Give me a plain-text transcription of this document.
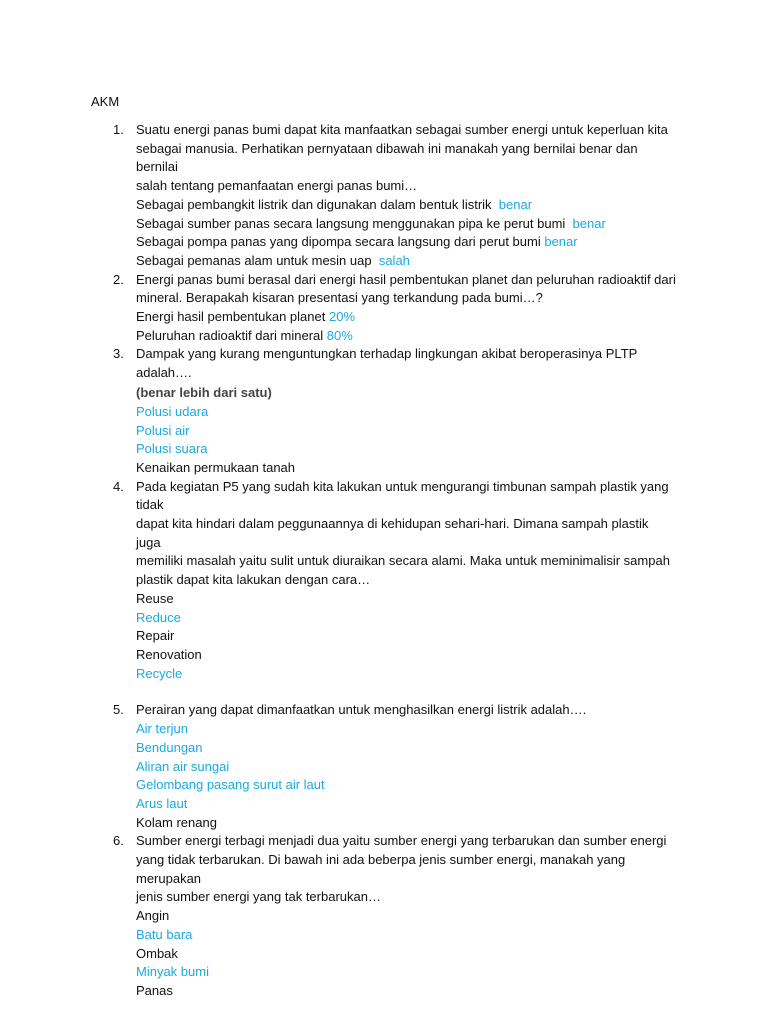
AKM
1. Suatu energi panas bumi dapat kita manfaatkan sebagai sumber energi untuk keperluan kita
sebagai manusia. Perhatikan pernyataan dibawah ini manakah yang bernilai benar dan bernilai
salah tentang pemanfaatan energi panas bumi…
Sebagai pembangkit listrik dan digunakan dalam bentuk listrik benar
Sebagai sumber panas secara langsung menggunakan pipa ke perut bumi benar
Sebagai pompa panas yang dipompa secara langsung dari perut bumi benar
Sebagai pemanas alam untuk mesin uap salah
2. Energi panas bumi berasal dari energi hasil pembentukan planet dan peluruhan radioaktif dari
mineral. Berapakah kisaran presentasi yang terkandung pada bumi…?
Energi hasil pembentukan planet 20%
Peluruhan radioaktif dari mineral 80%
3. Dampak yang kurang menguntungkan terhadap lingkungan akibat beroperasinya PLTP adalah….
(benar lebih dari satu)
Polusi udara
Polusi air
Polusi suara
Kenaikan permukaan tanah
4. Pada kegiatan P5 yang sudah kita lakukan untuk mengurangi timbunan sampah plastik yang tidak
dapat kita hindari dalam peggunaannya di kehidupan sehari-hari. Dimana sampah plastik juga
memiliki masalah yaitu sulit untuk diuraikan secara alami. Maka untuk meminimalisir sampah
plastik dapat kita lakukan dengan cara…
Reuse
Reduce
Repair
Renovation
Recycle
5. Perairan yang dapat dimanfaatkan untuk menghasilkan energi listrik adalah….
Air terjun
Bendungan
Aliran air sungai
Gelombang pasang surut air laut
Arus laut
Kolam renang
6. Sumber energi terbagi menjadi dua yaitu sumber energi yang terbarukan dan sumber energi
yang tidak terbarukan. Di bawah ini ada beberpa jenis sumber energi, manakah yang merupakan
jenis sumber energi yang tak terbarukan…
Angin
Batu bara
Ombak
Minyak bumi
Panas
